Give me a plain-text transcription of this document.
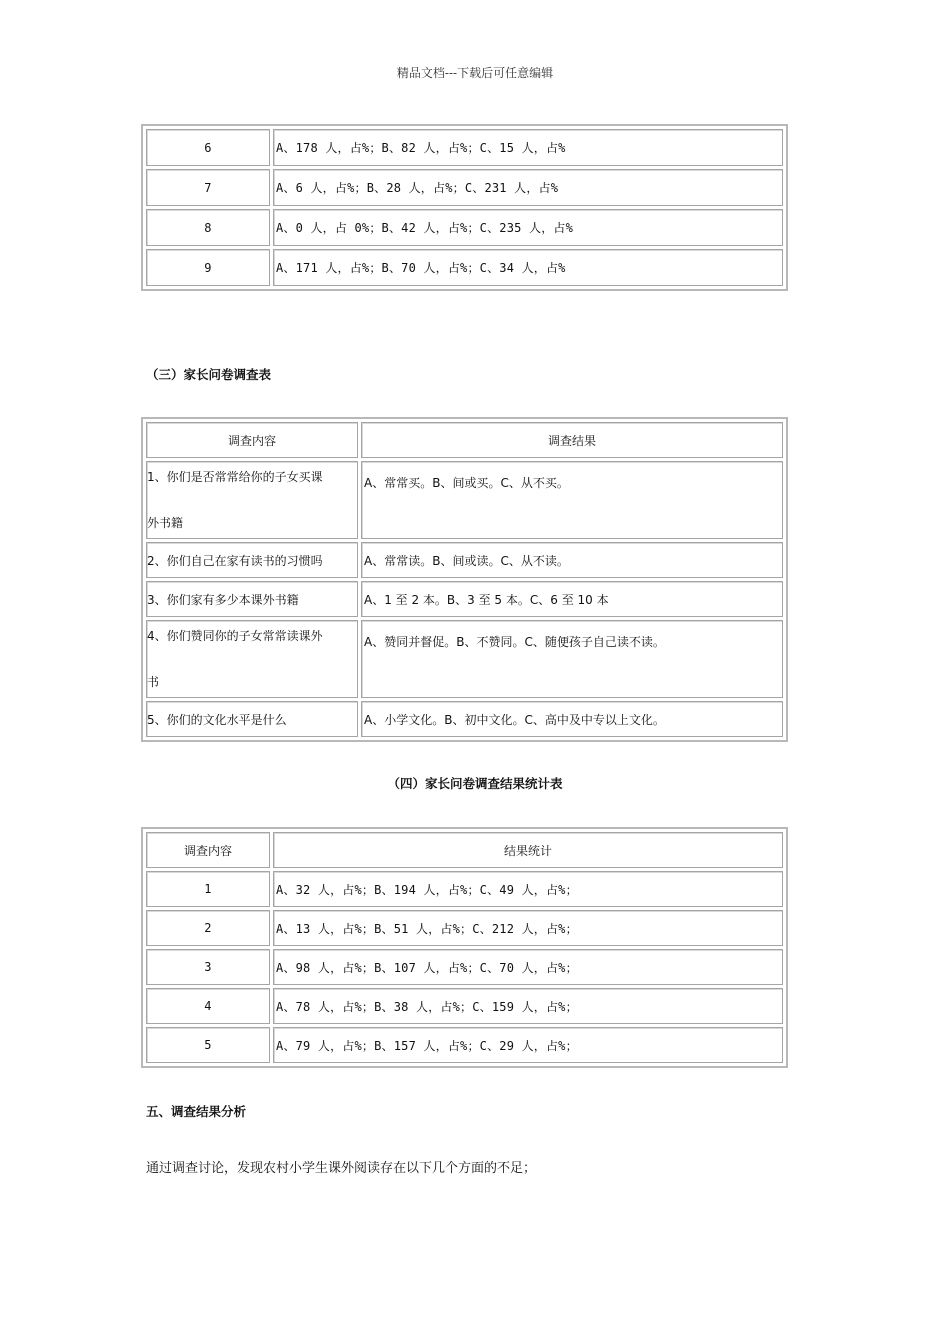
精品文档---下载后可任意编辑
6	A、178 人，占%；B、82 人，占%；C、15 人，占%
7	A、6 人，占%；B、28 人，占%；C、231 人，占%
8	A、0 人，占 0%；B、42 人，占%；C、235 人，占%
9	A、171 人，占%；B、70 人，占%；C、34 人，占%
（三）家长问卷调查表
调查内容	调查结果

1、你们是否常常给你的子女买课
外书籍	A、常常买。B、间或买。C、从不买。
2、你们自己在家有读书的习惯吗	A、常常读。B、间或读。C、从不读。
3、你们家有多少本课外书籍	A、1 至 2 本。B、3 至 5 本。C、6 至 10 本

4、你们赞同你的子女常常读课外
书	A、赞同并督促。B、不赞同。C、随便孩子自己读不读。
5、你们的文化水平是什么	A、小学文化。B、初中文化。C、高中及中专以上文化。
（四）家长问卷调查结果统计表
调查内容	结果统计
1	A、32 人，占%；B、194 人，占%；C、49 人，占%；
2	A、13 人，占%；B、51 人，占%；C、212 人，占%；
3	A、98 人，占%；B、107 人，占%；C、70 人，占%；
4	A、78 人，占%；B、38 人，占%；C、159 人，占%；
5	A、79 人，占%；B、157 人，占%；C、29 人，占%；
五、调查结果分析
通过调查讨论，发现农村小学生课外阅读存在以下几个方面的不足；
